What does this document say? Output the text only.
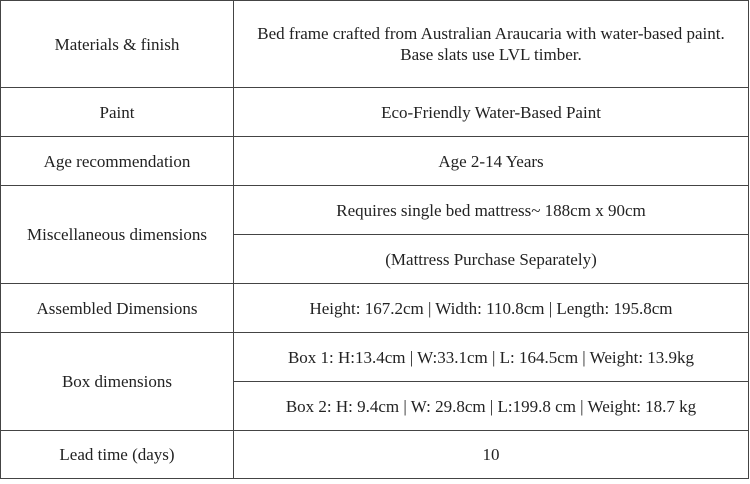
Materials & finish	Bed frame crafted from Australian Araucaria with water-based paint. Base slats use LVL timber.
Paint	Eco-Friendly Water-Based Paint
Age recommendation	Age 2-14 Years
Miscellaneous dimensions	Requires single bed mattress~ 188cm x 90cm
	(Mattress Purchase Separately)
Assembled Dimensions	Height: 167.2cm | Width: 110.8cm | Length: 195.8cm
Box dimensions	Box 1: H:13.4cm | W:33.1cm | L: 164.5cm | Weight: 13.9kg
	Box 2: H: 9.4cm | W: 29.8cm | L:199.8 cm | Weight: 18.7 kg
Lead time (days)	10
